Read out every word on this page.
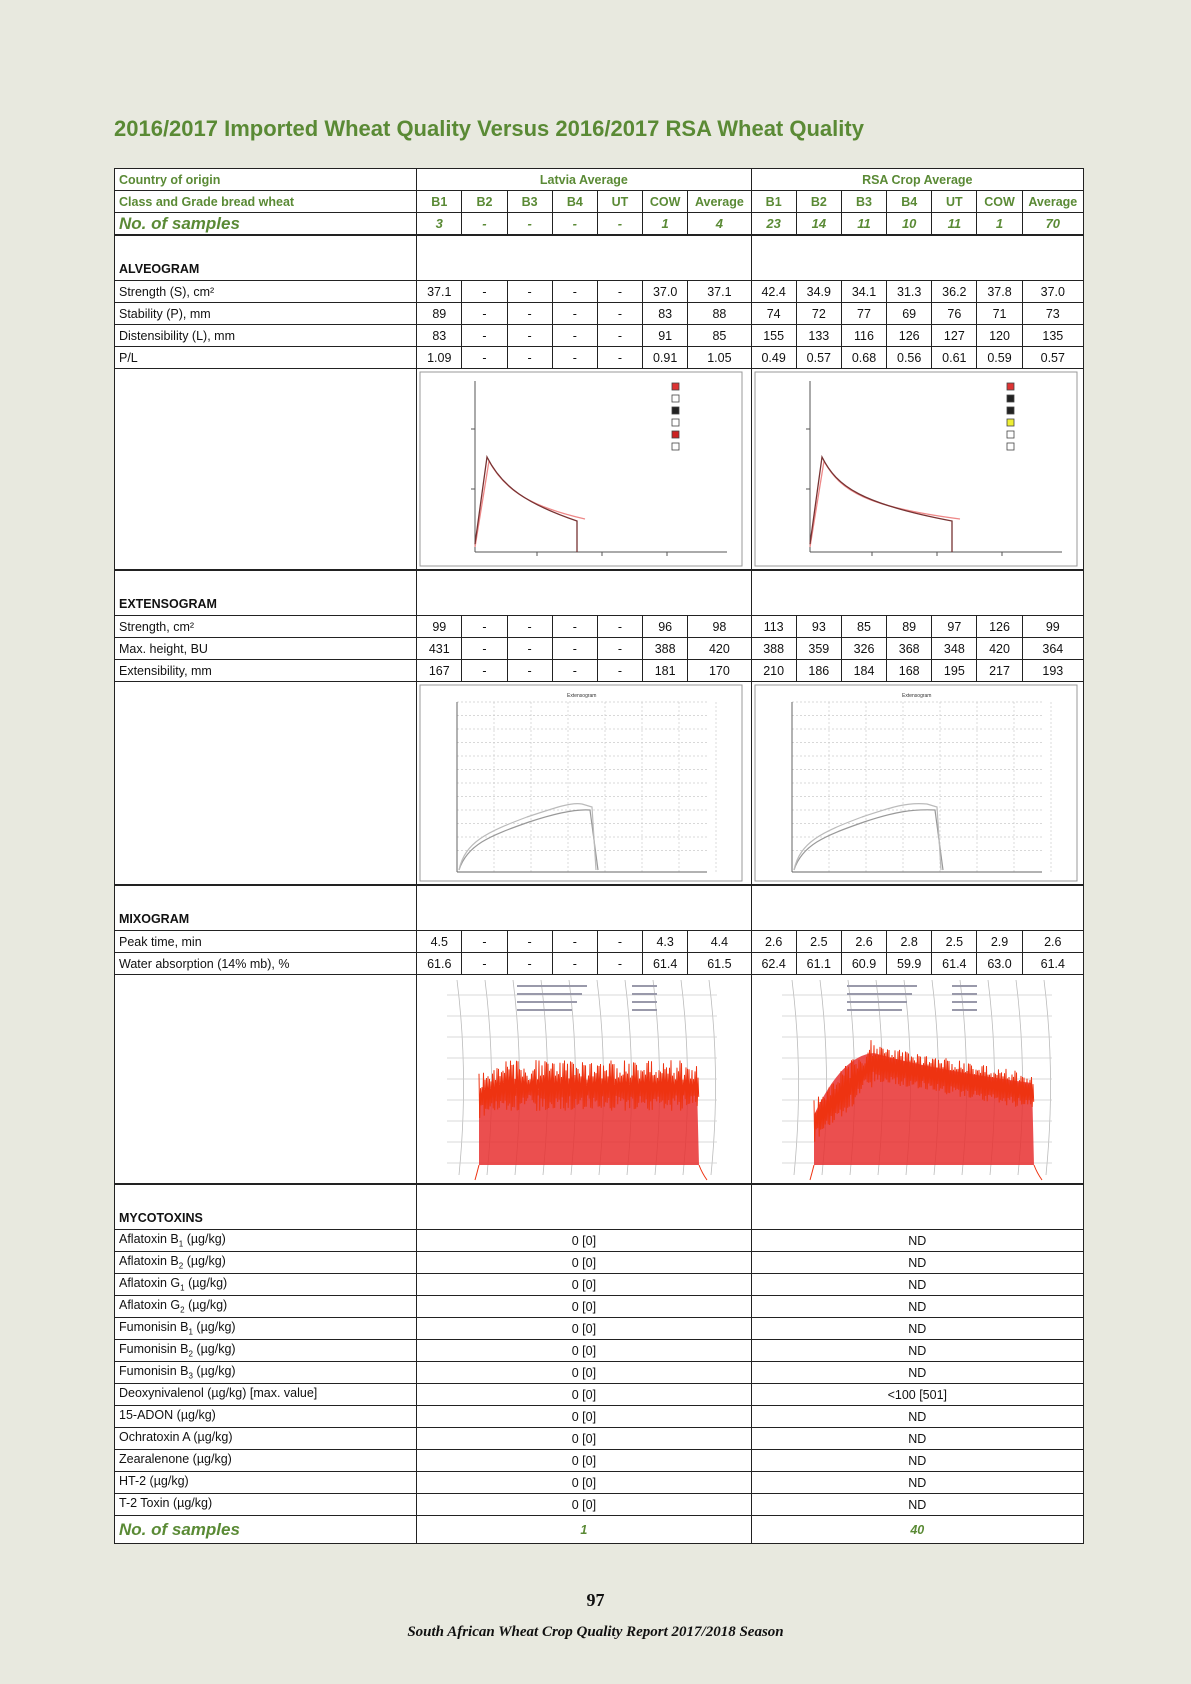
2016/2017 Imported Wheat Quality Versus 2016/2017 RSA Wheat Quality
Country of origin	Latvia Average							RSA Crop Average						
Class and Grade bread wheat	B1	B2	B3	B4	UT	COW	Average	B1	B2	B3	B4	UT	COW	Average
No. of samples	3	-	-	-	-	1	4	23	14	11	10	11	1	70
ALVEOGRAM														
Strength (S), cm²	37.1	-	-	-	-	37.0	37.1	42.4	34.9	34.1	31.3	36.2	37.8	37.0
Stability (P), mm	89	-	-	-	-	83	88	74	72	77	69	76	71	73
Distensibility (L), mm	83	-	-	-	-	91	85	155	133	116	126	127	120	135
P/L	1.09	-	-	-	-	0.91	1.05	0.49	0.57	0.68	0.56	0.61	0.59	0.57

EXTENSOGRAM														
Strength, cm²	99	-	-	-	-	96	98	113	93	85	89	97	126	99
Max. height, BU	431	-	-	-	-	388	420	388	359	326	368	348	420	364
Extensibility, mm	167	-	-	-	-	181	170	210	186	184	168	195	217	193

Extensogram							Extensogram						

MIXOGRAM														
Peak time, min	4.5	-	-	-	-	4.3	4.4	2.6	2.5	2.6	2.8	2.5	2.9	2.6
Water absorption (14% mb), %	61.6	-	-	-	-	61.4	61.5	62.4	61.1	60.9	59.9	61.4	63.0	61.4

MYCOTOXINS														
Aflatoxin $B_1$ (µg/kg)	0 [0]							ND						
Aflatoxin $B_2$ (µg/kg)	0 [0]							ND						
Aflatoxin $G_1$ (µg/kg)	0 [0]							ND						
Aflatoxin $G_2$ (µg/kg)	0 [0]							ND						
Fumonisin $B_1$ (µg/kg)	0 [0]							ND						
Fumonisin $B_2$ (µg/kg)	0 [0]							ND						
Fumonisin $B_3$ (µg/kg)	0 [0]							ND						
Deoxynivalenol (µg/kg) [max. value]	0 [0]							<100 [501]						
15-ADON (µg/kg)	0 [0]							ND						
Ochratoxin A (µg/kg)	0 [0]							ND						
Zearalenone (µg/kg)	0 [0]							ND						
HT-2 (µg/kg)	0 [0]							ND						
T-2 Toxin (µg/kg)	0 [0]							ND						
No. of samples	1							40						
97
South African Wheat Crop Quality Report 2017/2018 Season
